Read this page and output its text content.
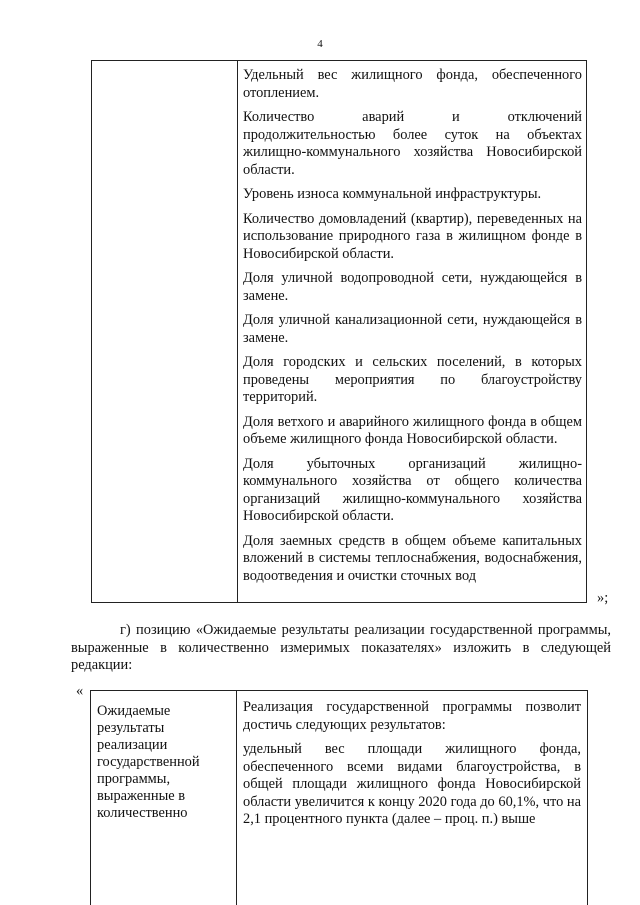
4

Удельный вес жилищного фонда, обеспеченного отоплением.

Количество аварий и отключений продолжительностью более суток на объектах жилищно-коммунального хозяйства Новосибирской области.

Уровень износа коммунальной инфраструктуры.

Количество домовладений (квартир), переведенных на использование природного газа в жилищном фонде в Новосибирской области.

Доля уличной водопроводной сети, нуждающейся в замене.

Доля уличной канализационной сети, нуждающейся в замене.

Доля городских и сельских поселений, в которых проведены мероприятия по благоустройству территорий.

Доля ветхого и аварийного жилищного фонда в общем объеме жилищного фонда Новосибирской области.

Доля убыточных организаций жилищно-коммунального хозяйства от общего количества организаций жилищно-коммунального хозяйства Новосибирской области.

Доля заемных средств в общем объеме капитальных вложений в системы теплоснабжения, водоснабжения, водоотведения и очистки сточных вод

»;

г) позицию «Ожидаемые результаты реализации государственной программы, выраженные в количественно измеримых показателях» изложить в следующей редакции:

«
Ожидаемые результаты реализации государственной программы, выраженные в количественно

Реализация государственной программы позволит достичь следующих результатов:

удельный вес площади жилищного фонда, обеспеченного всеми видами благоустройства, в общей площади жилищного фонда Новосибирской области увеличится к концу 2020 года до 60,1%, что на 2,1 процентного пункта (далее – проц. п.) выше
